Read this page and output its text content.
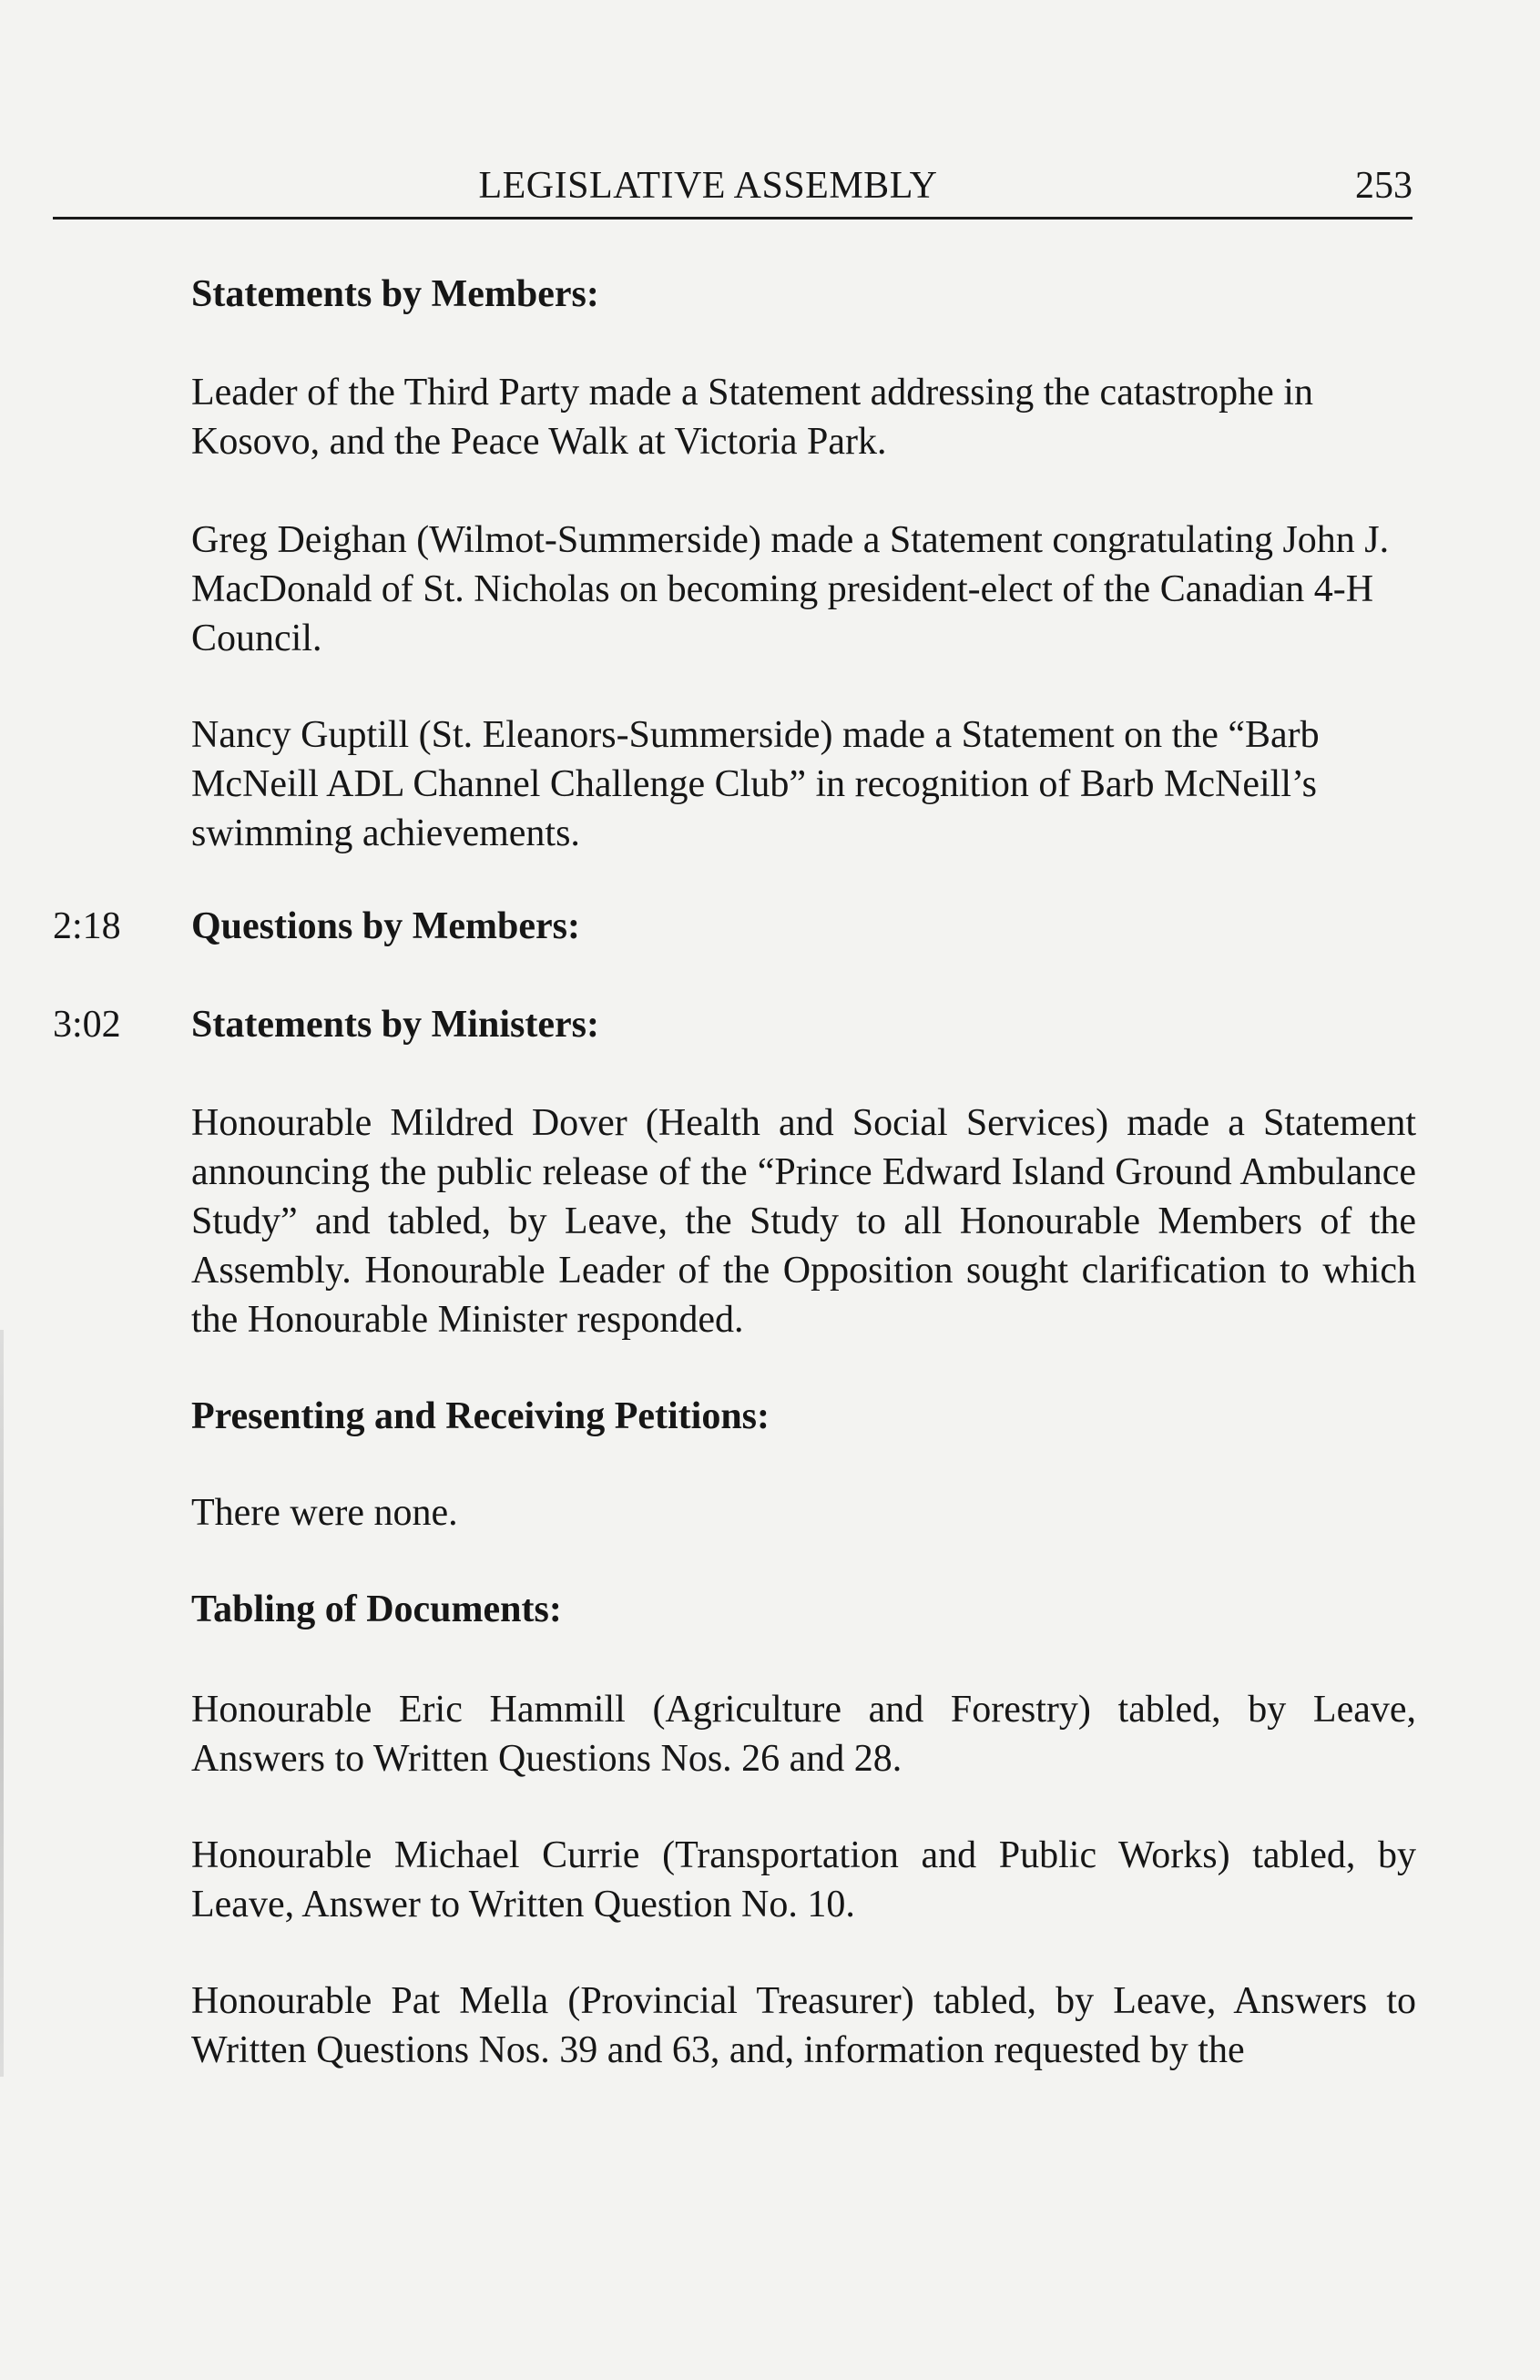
LEGISLATIVE ASSEMBLY	253
Statements by Members:
Leader of the Third Party made a Statement addressing the catastrophe in Kosovo, and the Peace Walk at Victoria Park.
Greg Deighan (Wilmot-Summerside) made a Statement congratulating John J. MacDonald of St. Nicholas on becoming president-elect of the Canadian 4-H Council.
Nancy Guptill (St. Eleanors-Summerside) made a Statement on the “Barb McNeill ADL Channel Challenge Club” in recognition of Barb McNeill’s swimming achievements.
2:18 Questions by Members:
3:02 Statements by Ministers:
Honourable Mildred Dover (Health and Social Services) made a Statement announcing the public release of the “Prince Edward Island Ground Ambulance Study” and tabled, by Leave, the Study to all Honourable Members of the Assembly. Honourable Leader of the Opposition sought clarification to which the Honourable Minister responded.
Presenting and Receiving Petitions:
There were none.
Tabling of Documents:
Honourable Eric Hammill (Agriculture and Forestry) tabled, by Leave, Answers to Written Questions Nos. 26 and 28.
Honourable Michael Currie (Transportation and Public Works) tabled, by Leave, Answer to Written Question No. 10.
Honourable Pat Mella (Provincial Treasurer) tabled, by Leave, Answers to Written Questions Nos. 39 and 63, and, information requested by the
